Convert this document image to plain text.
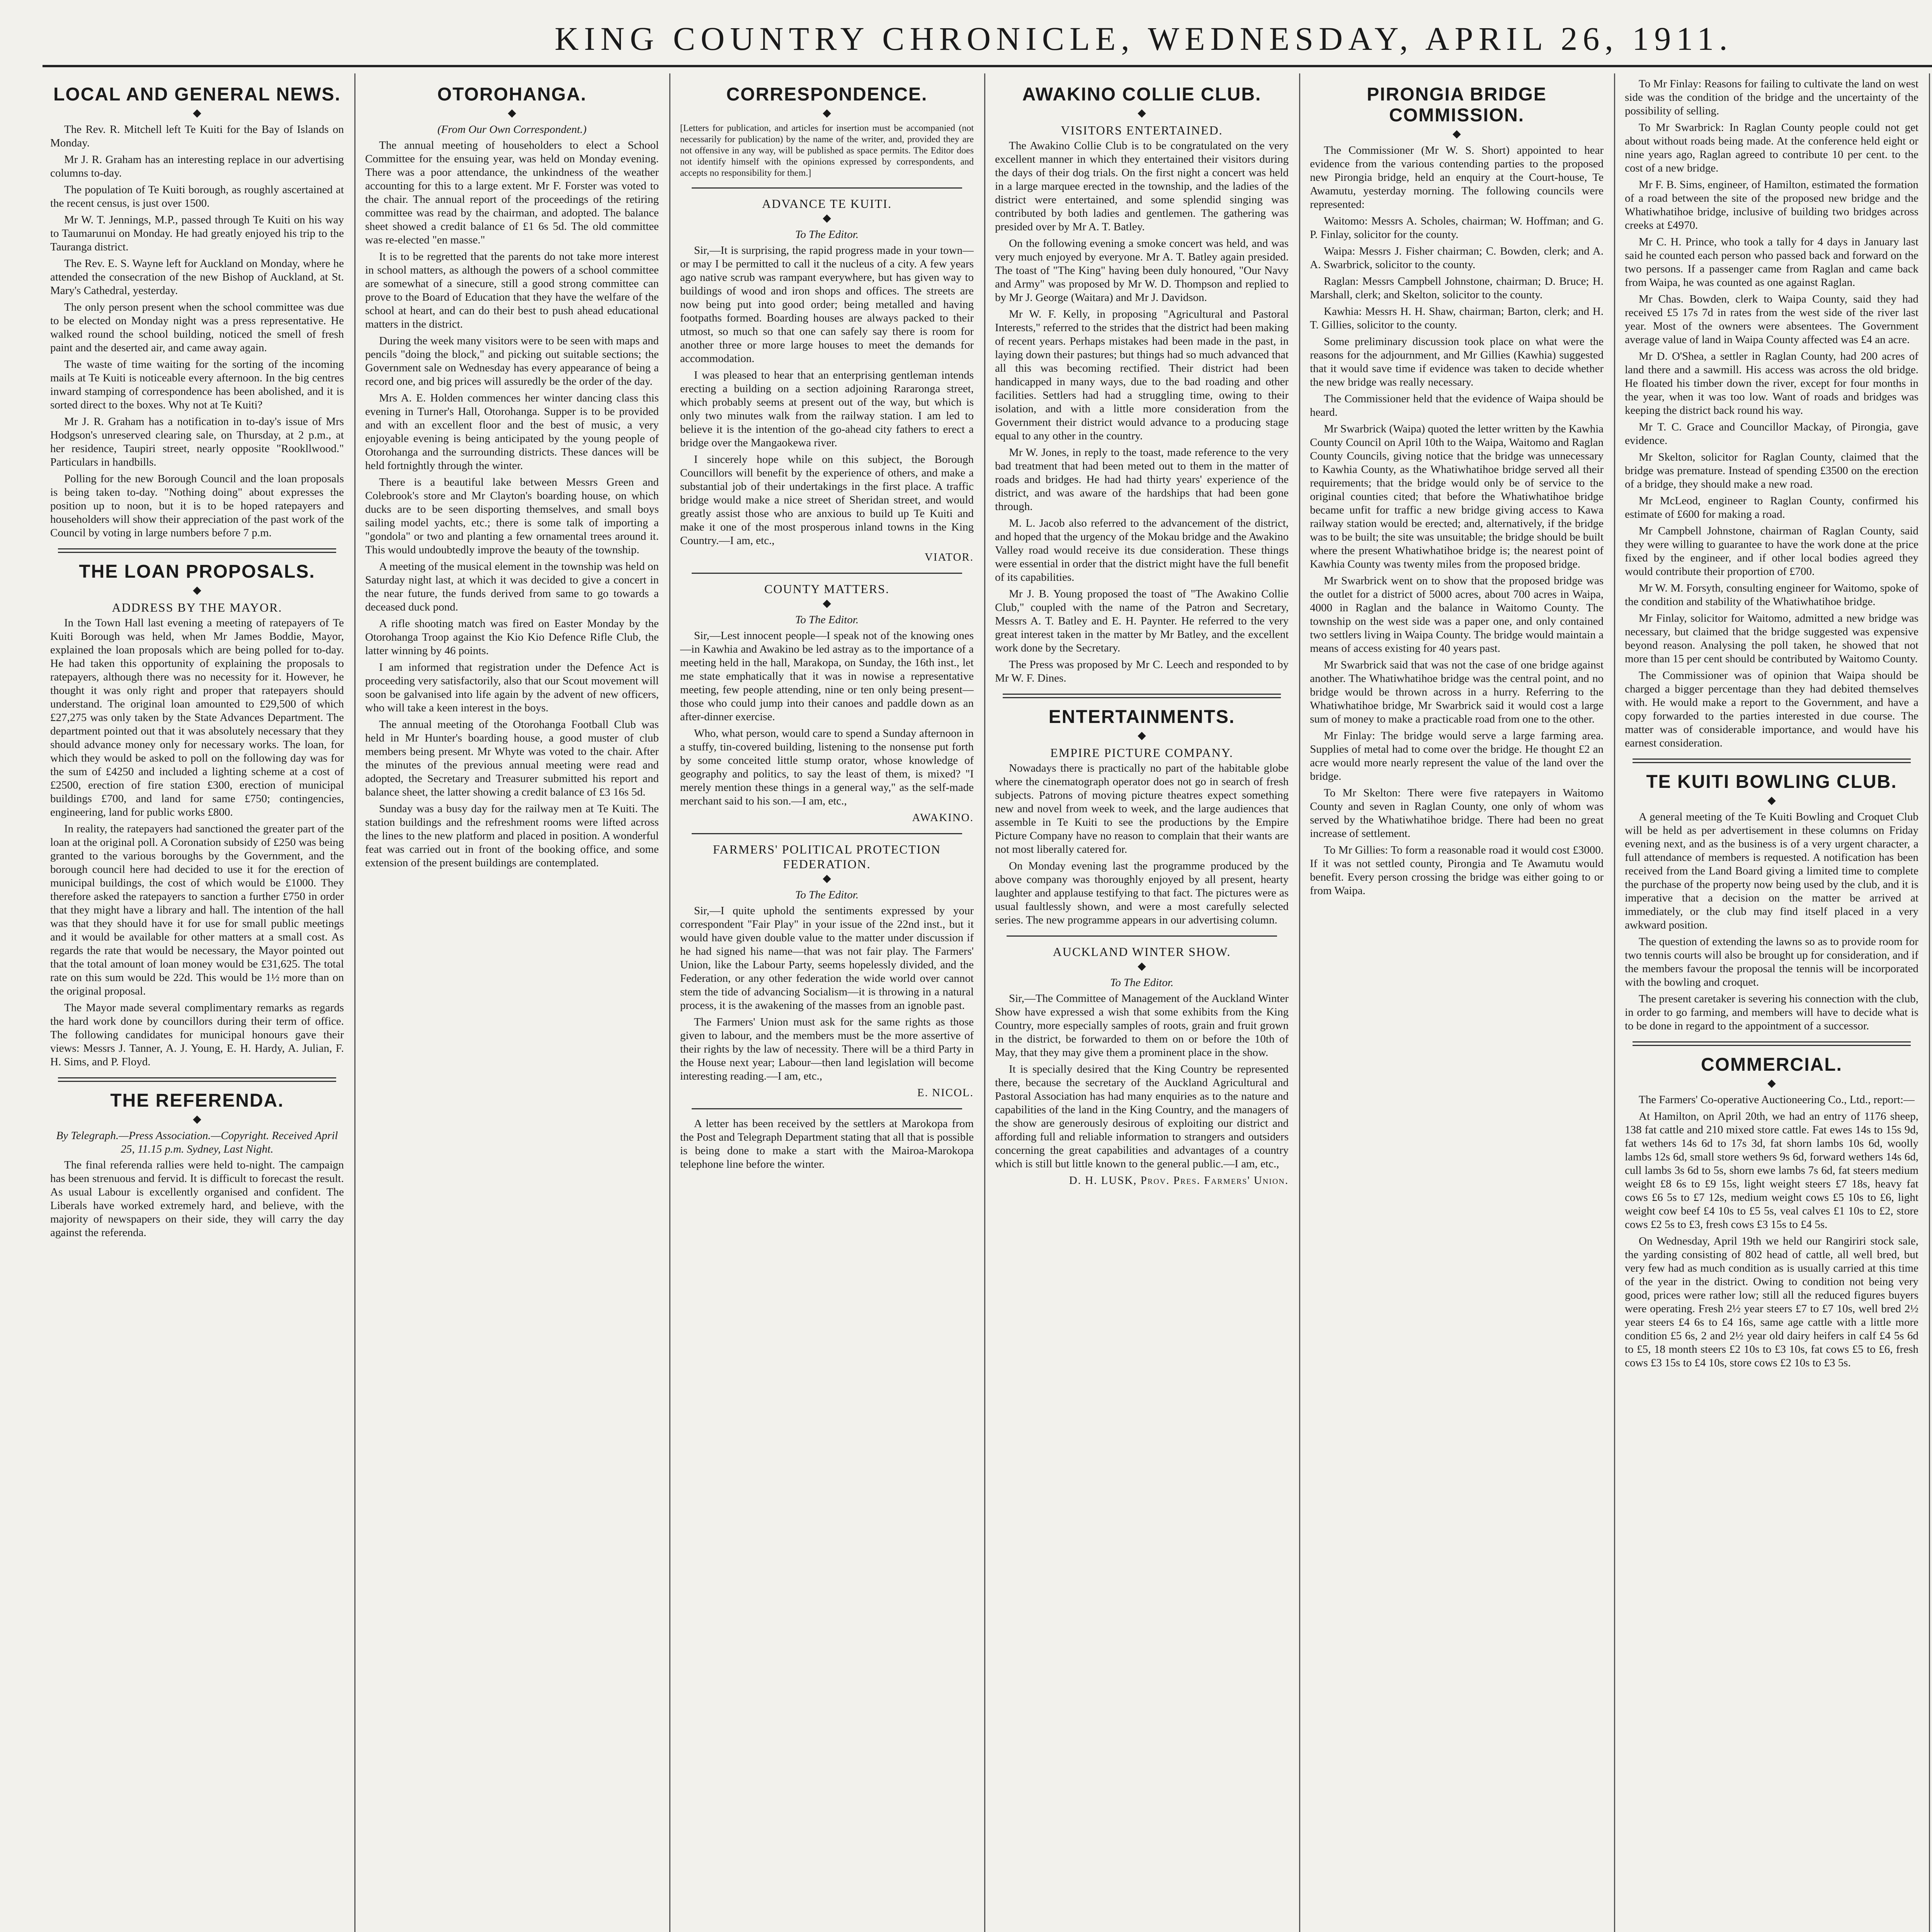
KING COUNTRY CHRONICLE, WEDNESDAY, APRIL 26, 1911.
LOCAL AND GENERAL NEWS.
◆

The Rev. R. Mitchell left Te Kuiti for the Bay of Islands on Monday.

Mr J. R. Graham has an interesting replace in our advertising columns to-day.

The population of Te Kuiti borough, as roughly ascertained at the recent census, is just over 1500.

Mr W. T. Jennings, M.P., passed through Te Kuiti on his way to Taumarunui on Monday. He had greatly enjoyed his trip to the Tauranga district.

The Rev. E. S. Wayne left for Auckland on Monday, where he attended the consecration of the new Bishop of Auckland, at St. Mary's Cathedral, yesterday.

The only person present when the school committee was due to be elected on Monday night was a press representative. He walked round the school building, noticed the smell of fresh paint and the deserted air, and came away again.

The waste of time waiting for the sorting of the incoming mails at Te Kuiti is noticeable every afternoon. In the big centres inward stamping of correspondence has been abolished, and it is sorted direct to the boxes. Why not at Te Kuiti?

Mr J. R. Graham has a notification in to-day's issue of Mrs Hodgson's unreserved clearing sale, on Thursday, at 2 p.m., at her residence, Taupiri street, nearly opposite "Rookllwood." Particulars in handbills.

Polling for the new Borough Council and the loan proposals is being taken to-day. "Nothing doing" about expresses the position up to noon, but it is to be hoped ratepayers and householders will show their appreciation of the past work of the Council by voting in large numbers before 7 p.m.

THE LOAN PROPOSALS.
◆
ADDRESS BY THE MAYOR.

In the Town Hall last evening a meeting of ratepayers of Te Kuiti Borough was held, when Mr James Boddie, Mayor, explained the loan proposals which are being polled for to-day. He had taken this opportunity of explaining the proposals to ratepayers, although there was no necessity for it. However, he thought it was only right and proper that ratepayers should understand. The original loan amounted to £29,500 of which £27,275 was only taken by the State Advances Department. The department pointed out that it was absolutely necessary that they should advance money only for necessary works. The loan, for which they would be asked to poll on the following day was for the sum of £4250 and included a lighting scheme at a cost of £2500, erection of fire station £300, erection of municipal buildings £700, and land for same £750; contingencies, engineering, land for public works £800.

In reality, the ratepayers had sanctioned the greater part of the loan at the original poll. A Coronation subsidy of £250 was being granted to the various boroughs by the Government, and the borough council here had decided to use it for the erection of municipal buildings, the cost of which would be £1000. They therefore asked the ratepayers to sanction a further £750 in order that they might have a library and hall. The intention of the hall was that they should have it for use for small public meetings and it would be available for other matters at a small cost. As regards the rate that would be necessary, the Mayor pointed out that the total amount of loan money would be £31,625. The total rate on this sum would be 22d. This would be 1½ more than on the original proposal.

The Mayor made several complimentary remarks as regards the hard work done by councillors during their term of office. The following candidates for municipal honours gave their views: Messrs J. Tanner, A. J. Young, E. H. Hardy, A. Julian, F. H. Sims, and P. Floyd.

THE REFERENDA.
◆
By Telegraph.—Press Association.—Copyright. Received April 25, 11.15 p.m. Sydney, Last Night.

The final referenda rallies were held to-night. The campaign has been strenuous and fervid. It is difficult to forecast the result. As usual Labour is excellently organised and confident. The Liberals have worked extremely hard, and believe, with the majority of newspapers on their side, they will carry the day against the referenda.

OTOROHANGA.
◆
(From Our Own Correspondent.)

The annual meeting of householders to elect a School Committee for the ensuing year, was held on Monday evening. There was a poor attendance, the unkindness of the weather accounting for this to a large extent. Mr F. Forster was voted to the chair. The annual report of the proceedings of the retiring committee was read by the chairman, and adopted. The balance sheet showed a credit balance of £1 6s 5d. The old committee was re-elected "en masse."

It is to be regretted that the parents do not take more interest in school matters, as although the powers of a school committee are somewhat of a sinecure, still a good strong committee can prove to the Board of Education that they have the welfare of the school at heart, and can do their best to push ahead educational matters in the district.

During the week many visitors were to be seen with maps and pencils "doing the block," and picking out suitable sections; the Government sale on Wednesday has every appearance of being a record one, and big prices will assuredly be the order of the day.

Mrs A. E. Holden commences her winter dancing class this evening in Turner's Hall, Otorohanga. Supper is to be provided and with an excellent floor and the best of music, a very enjoyable evening is being anticipated by the young people of Otorohanga and the surrounding districts. These dances will be held fortnightly through the winter.

There is a beautiful lake between Messrs Green and Colebrook's store and Mr Clayton's boarding house, on which ducks are to be seen disporting themselves, and small boys sailing model yachts, etc.; there is some talk of importing a "gondola" or two and planting a few ornamental trees around it. This would undoubtedly improve the beauty of the township.

A meeting of the musical element in the township was held on Saturday night last, at which it was decided to give a concert in the near future, the funds derived from same to go towards a deceased duck pond.

A rifle shooting match was fired on Easter Monday by the Otorohanga Troop against the Kio Kio Defence Rifle Club, the latter winning by 46 points.

I am informed that registration under the Defence Act is proceeding very satisfactorily, also that our Scout movement will soon be galvanised into life again by the advent of new officers, who will take a keen interest in the boys.

The annual meeting of the Otorohanga Football Club was held in Mr Hunter's boarding house, a good muster of club members being present. Mr Whyte was voted to the chair. After the minutes of the previous annual meeting were read and adopted, the Secretary and Treasurer submitted his report and balance sheet, the latter showing a credit balance of £3 16s 5d.

Sunday was a busy day for the railway men at Te Kuiti. The station buildings and the refreshment rooms were lifted across the lines to the new platform and placed in position. A wonderful feat was carried out in front of the booking office, and some extension of the present buildings are contemplated.

CORRESPONDENCE.
◆
[Letters for publication, and articles for insertion must be accompanied (not necessarily for publication) by the name of the writer, and, provided they are not offensive in any way, will be published as space permits. The Editor does not identify himself with the opinions expressed by correspondents, and accepts no responsibility for them.]
ADVANCE TE KUITI.
◆
To The Editor.

Sir,—It is surprising, the rapid progress made in your town—or may I be permitted to call it the nucleus of a city. A few years ago native scrub was rampant everywhere, but has given way to buildings of wood and iron shops and offices. The streets are now being put into good order; being metalled and having footpaths formed. Boarding houses are always packed to their utmost, so much so that one can safely say there is room for another three or more large houses to meet the demands for accommodation.

I was pleased to hear that an enterprising gentleman intends erecting a building on a section adjoining Rararonga street, which probably seems at present out of the way, but which is only two minutes walk from the railway station. I am led to believe it is the intention of the go-ahead city fathers to erect a bridge over the Mangaokewa river.

I sincerely hope while on this subject, the Borough Councillors will benefit by the experience of others, and make a substantial job of their undertakings in the first place. A traffic bridge would make a nice street of Sheridan street, and would greatly assist those who are anxious to build up Te Kuiti and make it one of the most prosperous inland towns in the King Country.—I am, etc.,

VIATOR.
COUNTY MATTERS.
◆
To The Editor.

Sir,—Lest innocent people—I speak not of the knowing ones—in Kawhia and Awakino be led astray as to the importance of a meeting held in the hall, Marakopa, on Sunday, the 16th inst., let me state emphatically that it was in nowise a representative meeting, few people attending, nine or ten only being present—those who could jump into their canoes and paddle down as an after-dinner exercise.

Who, what person, would care to spend a Sunday afternoon in a stuffy, tin-covered building, listening to the nonsense put forth by some conceited little stump orator, whose knowledge of geography and politics, to say the least of them, is mixed? "I merely mention these things in a general way," as the self-made merchant said to his son.—I am, etc.,

AWAKINO.
FARMERS' POLITICAL PROTECTION FEDERATION.
◆
To The Editor.

Sir,—I quite uphold the sentiments expressed by your correspondent "Fair Play" in your issue of the 22nd inst., but it would have given double value to the matter under discussion if he had signed his name—that was not fair play. The Farmers' Union, like the Labour Party, seems hopelessly divided, and the Federation, or any other federation the wide world over cannot stem the tide of advancing Socialism—it is throwing in a natural process, it is the awakening of the masses from an ignoble past.

The Farmers' Union must ask for the same rights as those given to labour, and the members must be the more assertive of their rights by the law of necessity. There will be a third Party in the House next year; Labour—then land legislation will become interesting reading.—I am, etc.,

E. NICOL.

A letter has been received by the settlers at Marokopa from the Post and Telegraph Department stating that all that is possible is being done to make a start with the Mairoa-Marokopa telephone line before the winter.

AWAKINO COLLIE CLUB.
◆
VISITORS ENTERTAINED.

The Awakino Collie Club is to be congratulated on the very excellent manner in which they entertained their visitors during the days of their dog trials. On the first night a concert was held in a large marquee erected in the township, and the ladies of the district were entertained, and some splendid singing was contributed by both ladies and gentlemen. The gathering was presided over by Mr A. T. Batley.

On the following evening a smoke concert was held, and was very much enjoyed by everyone. Mr A. T. Batley again presided. The toast of "The King" having been duly honoured, "Our Navy and Army" was proposed by Mr W. D. Thompson and replied to by Mr J. George (Waitara) and Mr J. Davidson.

Mr W. F. Kelly, in proposing "Agricultural and Pastoral Interests," referred to the strides that the district had been making of recent years. Perhaps mistakes had been made in the past, in laying down their pastures; but things had so much advanced that all this was becoming rectified. Their district had been handicapped in many ways, due to the bad roading and other facilities. Settlers had had a struggling time, owing to their isolation, and with a little more consideration from the Government their district would advance to a producing stage equal to any other in the country.

Mr W. Jones, in reply to the toast, made reference to the very bad treatment that had been meted out to them in the matter of roads and bridges. He had had thirty years' experience of the district, and was aware of the hardships that had been gone through.

M. L. Jacob also referred to the advancement of the district, and hoped that the urgency of the Mokau bridge and the Awakino Valley road would receive its due consideration. These things were essential in order that the district might have the full benefit of its capabilities.

Mr J. B. Young proposed the toast of "The Awakino Collie Club," coupled with the name of the Patron and Secretary, Messrs A. T. Batley and E. H. Paynter. He referred to the very great interest taken in the matter by Mr Batley, and the excellent work done by the Secretary.

The Press was proposed by Mr C. Leech and responded to by Mr W. F. Dines.

ENTERTAINMENTS.
◆
EMPIRE PICTURE COMPANY.

Nowadays there is practically no part of the habitable globe where the cinematograph operator does not go in search of fresh subjects. Patrons of moving picture theatres expect something new and novel from week to week, and the large audiences that assemble in Te Kuiti to see the productions by the Empire Picture Company have no reason to complain that their wants are not most liberally catered for.

On Monday evening last the programme produced by the above company was thoroughly enjoyed by all present, hearty laughter and applause testifying to that fact. The pictures were as usual faultlessly shown, and were a most carefully selected series. The new programme appears in our advertising column.

AUCKLAND WINTER SHOW.
◆
To The Editor.

Sir,—The Committee of Management of the Auckland Winter Show have expressed a wish that some exhibits from the King Country, more especially samples of roots, grain and fruit grown in the district, be forwarded to them on or before the 10th of May, that they may give them a prominent place in the show.

It is specially desired that the King Country be represented there, because the secretary of the Auckland Agricultural and Pastoral Association has had many enquiries as to the nature and capabilities of the land in the King Country, and the managers of the show are generously desirous of exploiting our district and affording full and reliable information to strangers and outsiders concerning the great capabilities and advantages of a country which is still but little known to the general public.—I am, etc.,

D. H. LUSK, Prov. Pres. Farmers' Union.
PIRONGIA BRIDGE COMMISSION.
◆

The Commissioner (Mr W. S. Short) appointed to hear evidence from the various contending parties to the proposed new Pirongia bridge, held an enquiry at the Court-house, Te Awamutu, yesterday morning. The following councils were represented:

Waitomo: Messrs A. Scholes, chairman; W. Hoffman; and G. P. Finlay, solicitor for the county.

Waipa: Messrs J. Fisher chairman; C. Bowden, clerk; and A. A. Swarbrick, solicitor to the county.

Raglan: Messrs Campbell Johnstone, chairman; D. Bruce; H. Marshall, clerk; and Skelton, solicitor to the county.

Kawhia: Messrs H. H. Shaw, chairman; Barton, clerk; and H. T. Gillies, solicitor to the county.

Some preliminary discussion took place on what were the reasons for the adjournment, and Mr Gillies (Kawhia) suggested that it would save time if evidence was taken to decide whether the new bridge was really necessary.

The Commissioner held that the evidence of Waipa should be heard.

Mr Swarbrick (Waipa) quoted the letter written by the Kawhia County Council on April 10th to the Waipa, Waitomo and Raglan County Councils, giving notice that the bridge was unnecessary to Kawhia County, as the Whatiwhatihoe bridge served all their requirements; that the bridge would only be of service to the original counties cited; that before the Whatiwhatihoe bridge became unfit for traffic a new bridge giving access to Kawa railway station would be erected; and, alternatively, if the bridge was to be built; the site was unsuitable; the bridge should be built where the present Whatiwhatihoe bridge is; the nearest point of Kawhia County was twenty miles from the proposed bridge.

Mr Swarbrick went on to show that the proposed bridge was the outlet for a district of 5000 acres, about 700 acres in Waipa, 4000 in Raglan and the balance in Waitomo County. The township on the west side was a paper one, and only contained two settlers living in Waipa County. The bridge would maintain a means of access existing for 40 years past.

Mr Swarbrick said that was not the case of one bridge against another. The Whatiwhatihoe bridge was the central point, and no bridge would be thrown across in a hurry. Referring to the Whatiwhatihoe bridge, Mr Swarbrick said it would cost a large sum of money to make a practicable road from one to the other.

Mr Finlay: The bridge would serve a large farming area. Supplies of metal had to come over the bridge. He thought £2 an acre would more nearly represent the value of the land over the bridge.

To Mr Skelton: There were five ratepayers in Waitomo County and seven in Raglan County, one only of whom was served by the Whatiwhatihoe bridge. There had been no great increase of settlement.

To Mr Gillies: To form a reasonable road it would cost £3000. If it was not settled county, Pirongia and Te Awamutu would benefit. Every person crossing the bridge was either going to or from Waipa.

To Mr Finlay: Reasons for failing to cultivate the land on west side was the condition of the bridge and the uncertainty of the possibility of selling.

To Mr Swarbrick: In Raglan County people could not get about without roads being made. At the conference held eight or nine years ago, Raglan agreed to contribute 10 per cent. to the cost of a new bridge.

Mr F. B. Sims, engineer, of Hamilton, estimated the formation of a road between the site of the proposed new bridge and the Whatiwhatihoe bridge, inclusive of building two bridges across creeks at £4970.

Mr C. H. Prince, who took a tally for 4 days in January last said he counted each person who passed back and forward on the two persons. If a passenger came from Raglan and came back from Waipa, he was counted as one against Raglan.

Mr Chas. Bowden, clerk to Waipa County, said they had received £5 17s 7d in rates from the west side of the river last year. Most of the owners were absentees. The Government average value of land in Waipa County affected was £4 an acre.

Mr D. O'Shea, a settler in Raglan County, had 200 acres of land there and a sawmill. His access was across the old bridge. He floated his timber down the river, except for four months in the year, when it was too low. Want of roads and bridges was keeping the district back round his way.

Mr T. C. Grace and Councillor Mackay, of Pirongia, gave evidence.

Mr Skelton, solicitor for Raglan County, claimed that the bridge was premature. Instead of spending £3500 on the erection of a bridge, they should make a new road.

Mr McLeod, engineer to Raglan County, confirmed his estimate of £600 for making a road.

Mr Campbell Johnstone, chairman of Raglan County, said they were willing to guarantee to have the work done at the price fixed by the engineer, and if other local bodies agreed they would contribute their proportion of £700.

Mr W. M. Forsyth, consulting engineer for Waitomo, spoke of the condition and stability of the Whatiwhatihoe bridge.

Mr Finlay, solicitor for Waitomo, admitted a new bridge was necessary, but claimed that the bridge suggested was expensive beyond reason. Analysing the poll taken, he showed that not more than 15 per cent should be contributed by Waitomo County.

The Commissioner was of opinion that Waipa should be charged a bigger percentage than they had debited themselves with. He would make a report to the Government, and have a copy forwarded to the parties interested in due course. The matter was of considerable importance, and would have his earnest consideration.

TE KUITI BOWLING CLUB.
◆

A general meeting of the Te Kuiti Bowling and Croquet Club will be held as per advertisement in these columns on Friday evening next, and as the business is of a very urgent character, a full attendance of members is requested. A notification has been received from the Land Board giving a limited time to complete the purchase of the property now being used by the club, and it is imperative that a decision on the matter be arrived at immediately, or the club may find itself placed in a very awkward position.

The question of extending the lawns so as to provide room for two tennis courts will also be brought up for consideration, and if the members favour the proposal the tennis will be incorporated with the bowling and croquet.

The present caretaker is severing his connection with the club, in order to go farming, and members will have to decide what is to be done in regard to the appointment of a successor.

COMMERCIAL.
◆

The Farmers' Co-operative Auctioneering Co., Ltd., report:—

At Hamilton, on April 20th, we had an entry of 1176 sheep, 138 fat cattle and 210 mixed store cattle. Fat ewes 14s to 15s 9d, fat wethers 14s 6d to 17s 3d, fat shorn lambs 10s 6d, woolly lambs 12s 6d, small store wethers 9s 6d, forward wethers 14s 6d, cull lambs 3s 6d to 5s, shorn ewe lambs 7s 6d, fat steers medium weight £8 6s to £9 15s, light weight steers £7 18s, heavy fat cows £6 5s to £7 12s, medium weight cows £5 10s to £6, light weight cow beef £4 10s to £5 5s, veal calves £1 10s to £2, store cows £2 5s to £3, fresh cows £3 15s to £4 5s.

On Wednesday, April 19th we held our Rangiriri stock sale, the yarding consisting of 802 head of cattle, all well bred, but very few had as much condition as is usually carried at this time of the year in the district. Owing to condition not being very good, prices were rather low; still all the reduced figures buyers were operating. Fresh 2½ year steers £7 to £7 10s, well bred 2½ year steers £4 6s to £4 16s, same age cattle with a little more condition £5 6s, 2 and 2½ year old dairy heifers in calf £4 5s 6d to £5, 18 month steers £2 10s to £3 10s, fat cows £5 to £6, fresh cows £3 15s to £4 10s, store cows £2 10s to £3 5s.
